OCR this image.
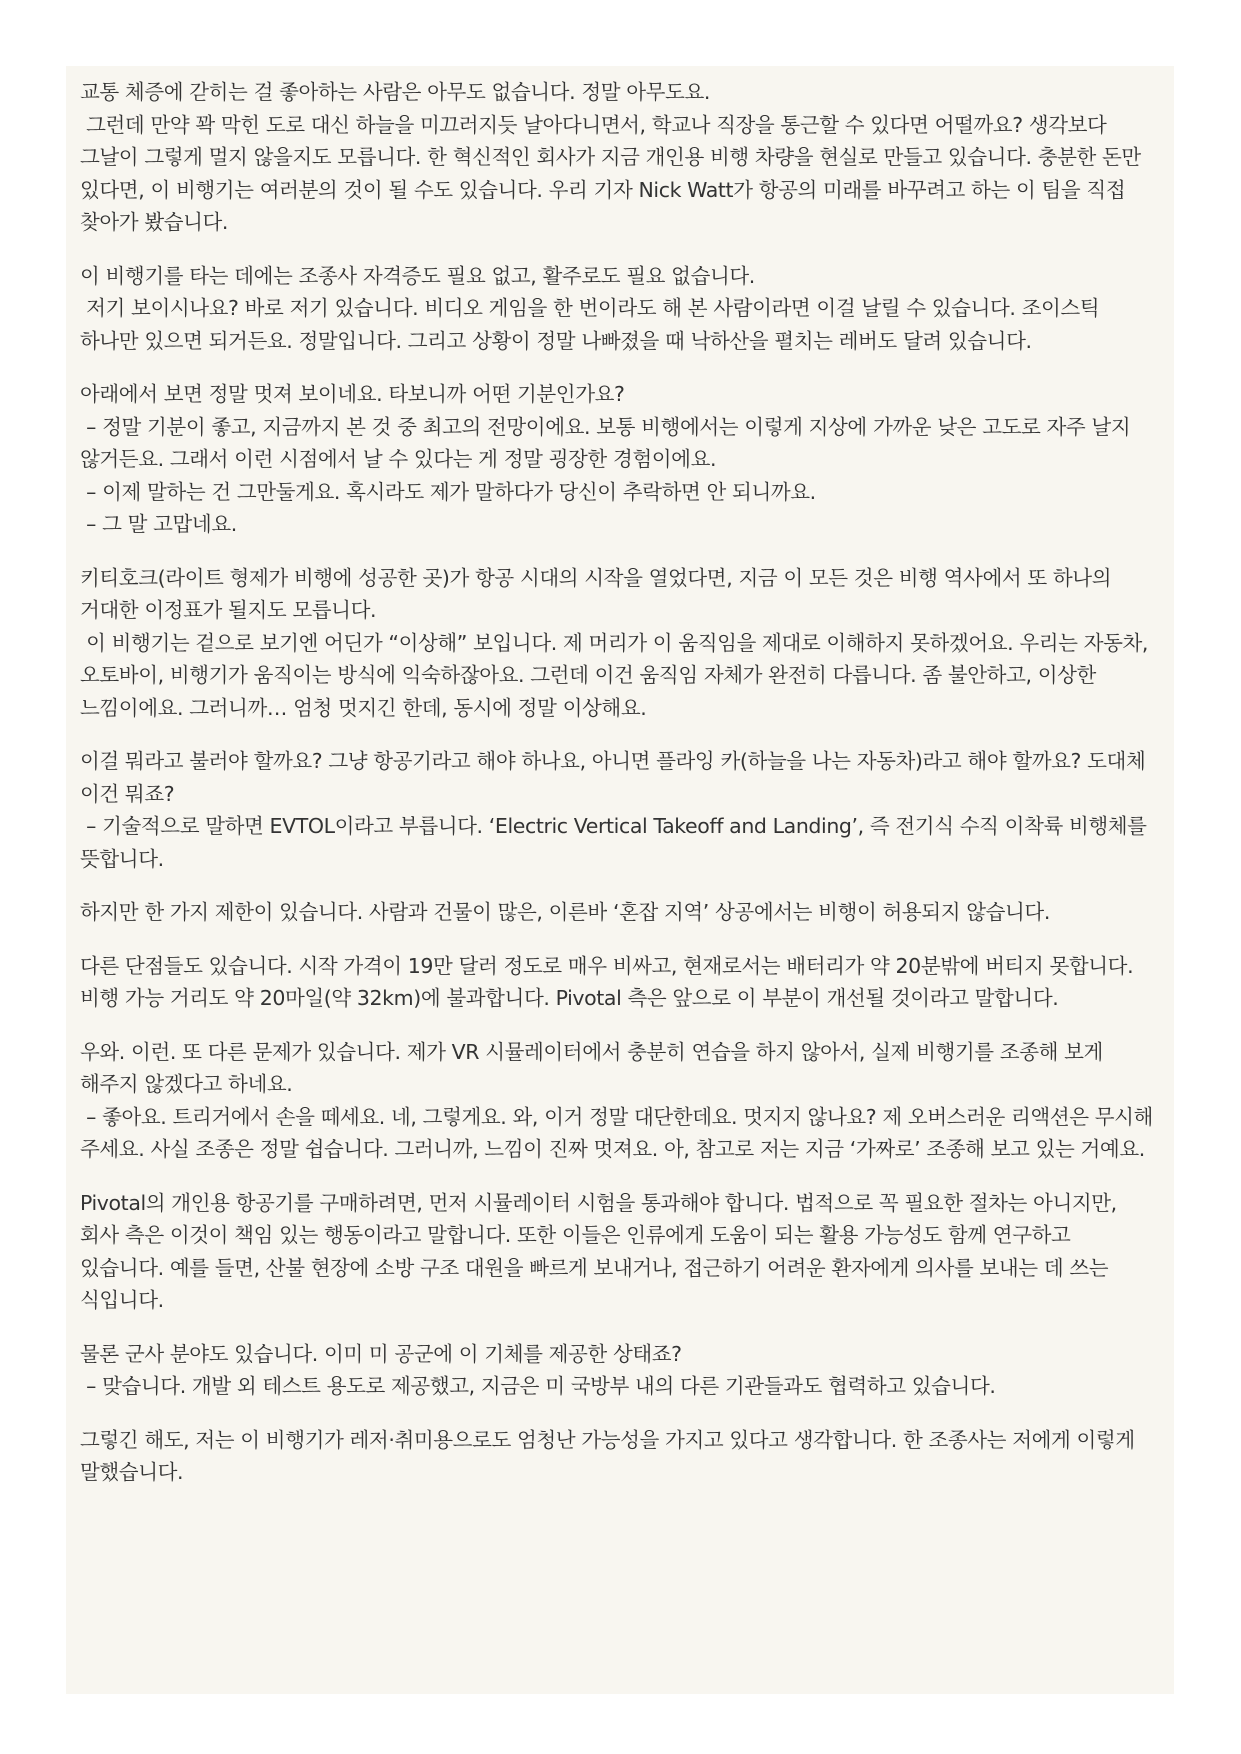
교통 체증에 갇히는 걸 좋아하는 사람은 아무도 없습니다. 정말 아무도요.
그런데 만약 꽉 막힌 도로 대신 하늘을 미끄러지듯 날아다니면서, 학교나 직장을 통근할 수 있다면 어떨까요? 생각보다 그날이 그렇게 멀지 않을지도 모릅니다. 한 혁신적인 회사가 지금 개인용 비행 차량을 현실로 만들고 있습니다. 충분한 돈만 있다면, 이 비행기는 여러분의 것이 될 수도 있습니다. 우리 기자 Nick Watt가 항공의 미래를 바꾸려고 하는 이 팀을 직접 찾아가 봤습니다.

이 비행기를 타는 데에는 조종사 자격증도 필요 없고, 활주로도 필요 없습니다.
저기 보이시나요? 바로 저기 있습니다. 비디오 게임을 한 번이라도 해 본 사람이라면 이걸 날릴 수 있습니다. 조이스틱 하나만 있으면 되거든요. 정말입니다. 그리고 상황이 정말 나빠졌을 때 낙하산을 펼치는 레버도 달려 있습니다.

아래에서 보면 정말 멋져 보이네요. 타보니까 어떤 기분인가요?
– 정말 기분이 좋고, 지금까지 본 것 중 최고의 전망이에요. 보통 비행에서는 이렇게 지상에 가까운 낮은 고도로 자주 날지 않거든요. 그래서 이런 시점에서 날 수 있다는 게 정말 굉장한 경험이에요.
– 이제 말하는 건 그만둘게요. 혹시라도 제가 말하다가 당신이 추락하면 안 되니까요.
– 그 말 고맙네요.

키티호크(라이트 형제가 비행에 성공한 곳)가 항공 시대의 시작을 열었다면, 지금 이 모든 것은 비행 역사에서 또 하나의 거대한 이정표가 될지도 모릅니다.
이 비행기는 겉으로 보기엔 어딘가 “이상해” 보입니다. 제 머리가 이 움직임을 제대로 이해하지 못하겠어요. 우리는 자동차, 오토바이, 비행기가 움직이는 방식에 익숙하잖아요. 그런데 이건 움직임 자체가 완전히 다릅니다. 좀 불안하고, 이상한 느낌이에요. 그러니까… 엄청 멋지긴 한데, 동시에 정말 이상해요.

이걸 뭐라고 불러야 할까요? 그냥 항공기라고 해야 하나요, 아니면 플라잉 카(하늘을 나는 자동차)라고 해야 할까요? 도대체 이건 뭐죠?
– 기술적으로 말하면 EVTOL이라고 부릅니다. ‘Electric Vertical Takeoff and Landing’, 즉 전기식 수직 이착륙 비행체를 뜻합니다.

하지만 한 가지 제한이 있습니다. 사람과 건물이 많은, 이른바 ‘혼잡 지역’ 상공에서는 비행이 허용되지 않습니다.

다른 단점들도 있습니다. 시작 가격이 19만 달러 정도로 매우 비싸고, 현재로서는 배터리가 약 20분밖에 버티지 못합니다. 비행 가능 거리도 약 20마일(약 32km)에 불과합니다. Pivotal 측은 앞으로 이 부분이 개선될 것이라고 말합니다.

우와. 이런. 또 다른 문제가 있습니다. 제가 VR 시뮬레이터에서 충분히 연습을 하지 않아서, 실제 비행기를 조종해 보게 해주지 않겠다고 하네요.
– 좋아요. 트리거에서 손을 떼세요. 네, 그렇게요. 와, 이거 정말 대단한데요. 멋지지 않나요? 제 오버스러운 리액션은 무시해 주세요. 사실 조종은 정말 쉽습니다. 그러니까, 느낌이 진짜 멋져요. 아, 참고로 저는 지금 ‘가짜로’ 조종해 보고 있는 거예요.

Pivotal의 개인용 항공기를 구매하려면, 먼저 시뮬레이터 시험을 통과해야 합니다. 법적으로 꼭 필요한 절차는 아니지만, 회사 측은 이것이 책임 있는 행동이라고 말합니다. 또한 이들은 인류에게 도움이 되는 활용 가능성도 함께 연구하고 있습니다. 예를 들면, 산불 현장에 소방 구조 대원을 빠르게 보내거나, 접근하기 어려운 환자에게 의사를 보내는 데 쓰는 식입니다.

물론 군사 분야도 있습니다. 이미 미 공군에 이 기체를 제공한 상태죠?
– 맞습니다. 개발 외 테스트 용도로 제공했고, 지금은 미 국방부 내의 다른 기관들과도 협력하고 있습니다.

그렇긴 해도, 저는 이 비행기가 레저·취미용으로도 엄청난 가능성을 가지고 있다고 생각합니다. 한 조종사는 저에게 이렇게 말했습니다.
